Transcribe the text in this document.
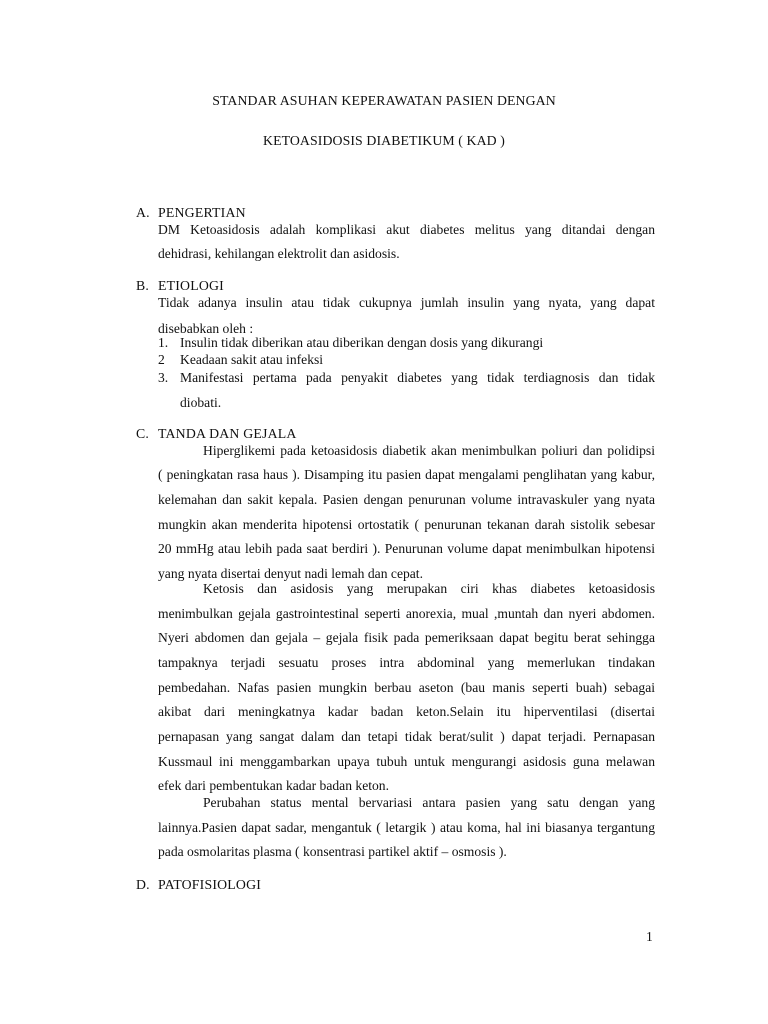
STANDAR ASUHAN KEPERAWATAN PASIEN DENGAN
KETOASIDOSIS DIABETIKUM ( KAD )
A. PENGERTIAN
DM Ketoasidosis adalah komplikasi akut diabetes melitus yang ditandai dengan
dehidrasi, kehilangan elektrolit dan asidosis.
B. ETIOLOGI
Tidak adanya insulin atau tidak cukupnya jumlah insulin yang nyata, yang dapat
disebabkan oleh :
1. Insulin tidak diberikan atau diberikan dengan dosis yang dikurangi
2	Keadaan sakit atau infeksi
3. Manifestasi pertama pada penyakit diabetes yang tidak terdiagnosis dan tidak
diobati.
C. TANDA DAN GEJALA
Hiperglikemi pada ketoasidosis diabetik akan menimbulkan poliuri dan polidipsi
( peningkatan rasa haus ). Disamping itu pasien dapat mengalami penglihatan yang kabur,
kelemahan dan sakit kepala. Pasien dengan penurunan volume intravaskuler yang nyata
mungkin akan menderita hipotensi ortostatik ( penurunan tekanan darah sistolik sebesar
20 mmHg atau lebih pada saat berdiri ). Penurunan volume dapat menimbulkan hipotensi
yang nyata disertai denyut nadi lemah dan cepat.
Ketosis dan asidosis yang merupakan ciri khas diabetes ketoasidosis
menimbulkan gejala gastrointestinal seperti anorexia, mual ,muntah dan nyeri abdomen.
Nyeri abdomen dan gejala – gejala fisik pada pemeriksaan dapat begitu berat sehingga
tampaknya terjadi sesuatu proses intra abdominal yang memerlukan tindakan
pembedahan. Nafas pasien mungkin berbau aseton (bau manis seperti buah) sebagai
akibat dari meningkatnya kadar badan keton.Selain itu hiperventilasi (disertai
pernapasan yang sangat dalam dan tetapi tidak berat/sulit ) dapat terjadi. Pernapasan
Kussmaul ini menggambarkan upaya tubuh untuk mengurangi asidosis guna melawan
efek dari pembentukan kadar badan keton.
Perubahan status mental bervariasi antara pasien yang satu dengan yang
lainnya.Pasien dapat sadar, mengantuk ( letargik ) atau koma, hal ini biasanya tergantung
pada osmolaritas plasma ( konsentrasi partikel aktif – osmosis ).
D. PATOFISIOLOGI
1
